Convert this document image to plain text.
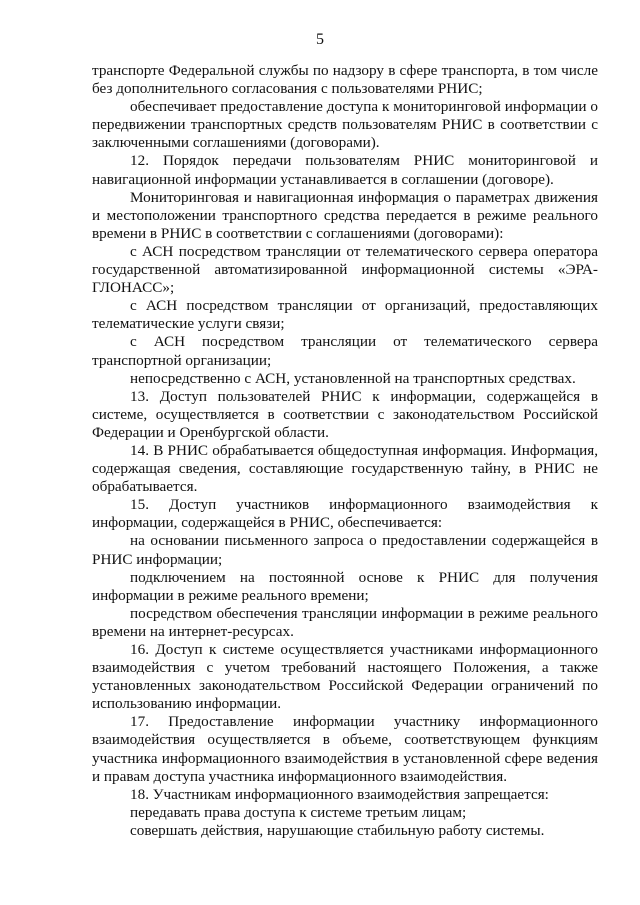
5

транспорте Федеральной службы по надзору в сфере транспорта, в том числе без дополнительного согласования с пользователями РНИС;

обеспечивает предоставление доступа к мониторинговой информации о передвижении транспортных средств пользователям РНИС в соответствии с заключенными соглашениями (договорами).

12. Порядок передачи пользователям РНИС мониторинговой и навигационной информации устанавливается в соглашении (договоре).

Мониторинговая и навигационная информация о параметрах движения и местоположении транспортного средства передается в режиме реального времени в РНИС в соответствии с соглашениями (договорами):

с АСН посредством трансляции от телематического сервера оператора государственной автоматизированной информационной системы «ЭРА-ГЛОНАСС»;

с АСН посредством трансляции от организаций, предоставляющих телематические услуги связи;

с АСН посредством трансляции от телематического сервера транспортной организации;

непосредственно с АСН, установленной на транспортных средствах.

13. Доступ пользователей РНИС к информации, содержащейся в системе, осуществляется в соответствии с законодательством Российской Федерации и Оренбургской области.

14. В РНИС обрабатывается общедоступная информация. Информация, содержащая сведения, составляющие государственную тайну, в РНИС не обрабатывается.

15. Доступ участников информационного взаимодействия к информации, содержащейся в РНИС, обеспечивается:

на основании письменного запроса о предоставлении содержащейся в РНИС информации;

подключением на постоянной основе к РНИС для получения информации в режиме реального времени;

посредством обеспечения трансляции информации в режиме реального времени на интернет-ресурсах.

16. Доступ к системе осуществляется участниками информационного взаимодействия с учетом требований настоящего Положения, а также установленных законодательством Российской Федерации ограничений по использованию информации.

17. Предоставление информации участнику информационного взаимодействия осуществляется в объеме, соответствующем функциям участника информационного взаимодействия в установленной сфере ведения и правам доступа участника информационного взаимодействия.

18. Участникам информационного взаимодействия запрещается:

передавать права доступа к системе третьим лицам;

совершать действия, нарушающие стабильную работу системы.
